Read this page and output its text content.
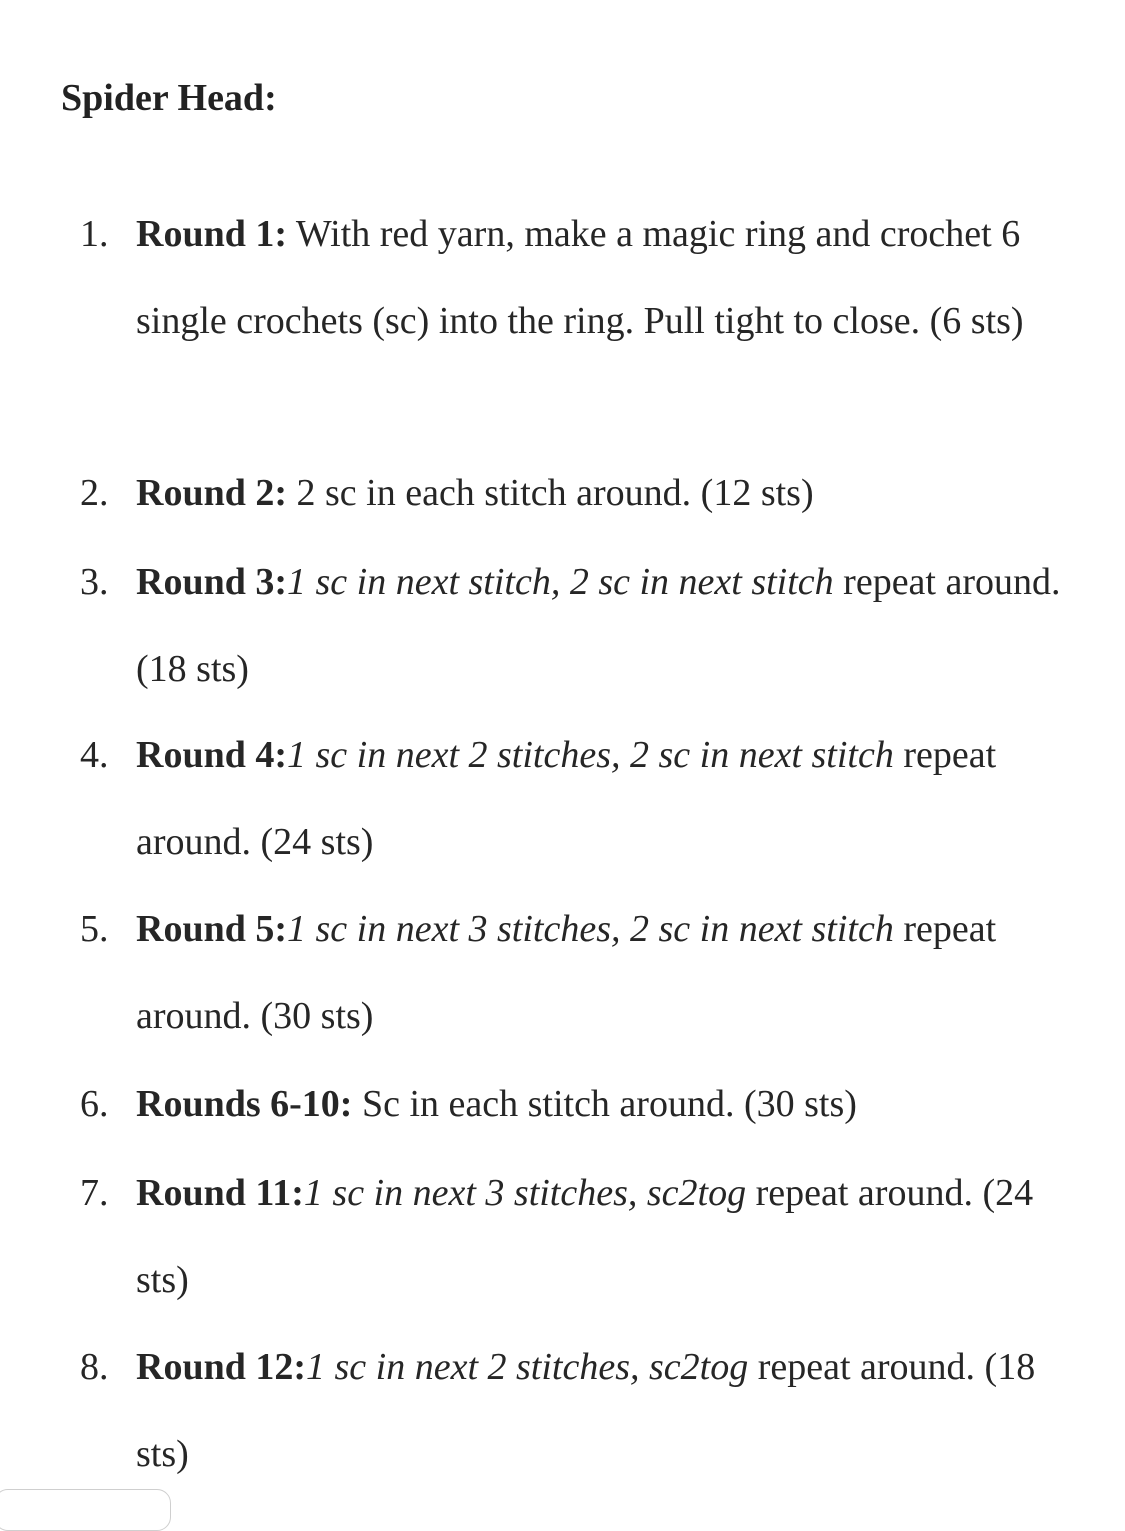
Spider Head:
1. Round 1: With red yarn, make a magic ring and crochet 6 single crochets (sc) into the ring. Pull tight to close. (6 sts)
2. Round 2: 2 sc in each stitch around. (12 sts)
3. Round 3:1 sc in next stitch, 2 sc in next stitch repeat around. (18 sts)
4. Round 4:1 sc in next 2 stitches, 2 sc in next stitch repeat around. (24 sts)
5. Round 5:1 sc in next 3 stitches, 2 sc in next stitch repeat around. (30 sts)
6. Rounds 6-10: Sc in each stitch around. (30 sts)
7. Round 11:1 sc in next 3 stitches, sc2tog repeat around. (24 sts)
8. Round 12:1 sc in next 2 stitches, sc2tog repeat around. (18 sts)
